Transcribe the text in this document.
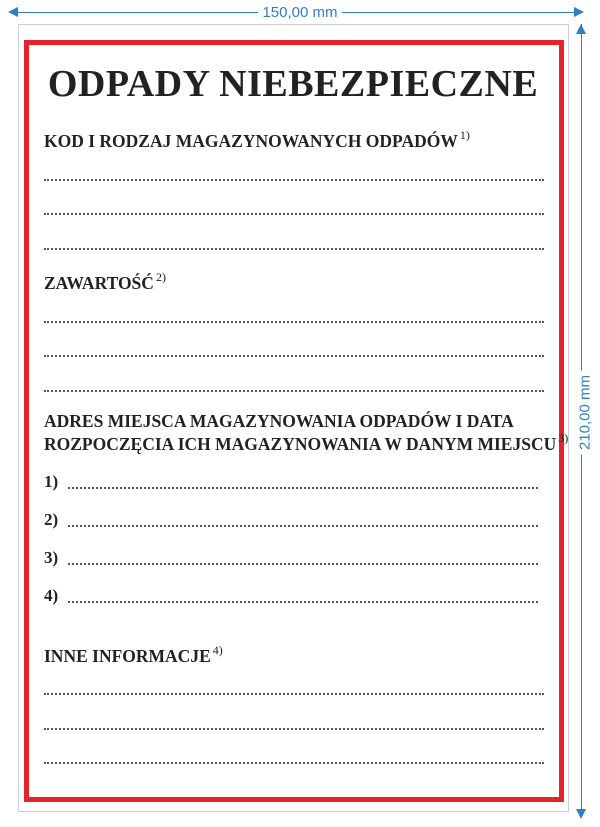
150,00 mm
210,00 mm
ODPADY NIEBEZPIECZNE
KOD I RODZAJ MAGAZYNOWANYCH ODPADÓW $^{1)}$
ZAWARTOŚĆ $^{2)}$
ADRES MIEJSCA MAGAZYNOWANIA ODPADÓW I DATA
ROZPOCZĘCIA ICH MAGAZYNOWANIA W DANYM MIEJSCU $^{3)}$
1)
2)
3)
4)
INNE INFORMACJE $^{4)}$
